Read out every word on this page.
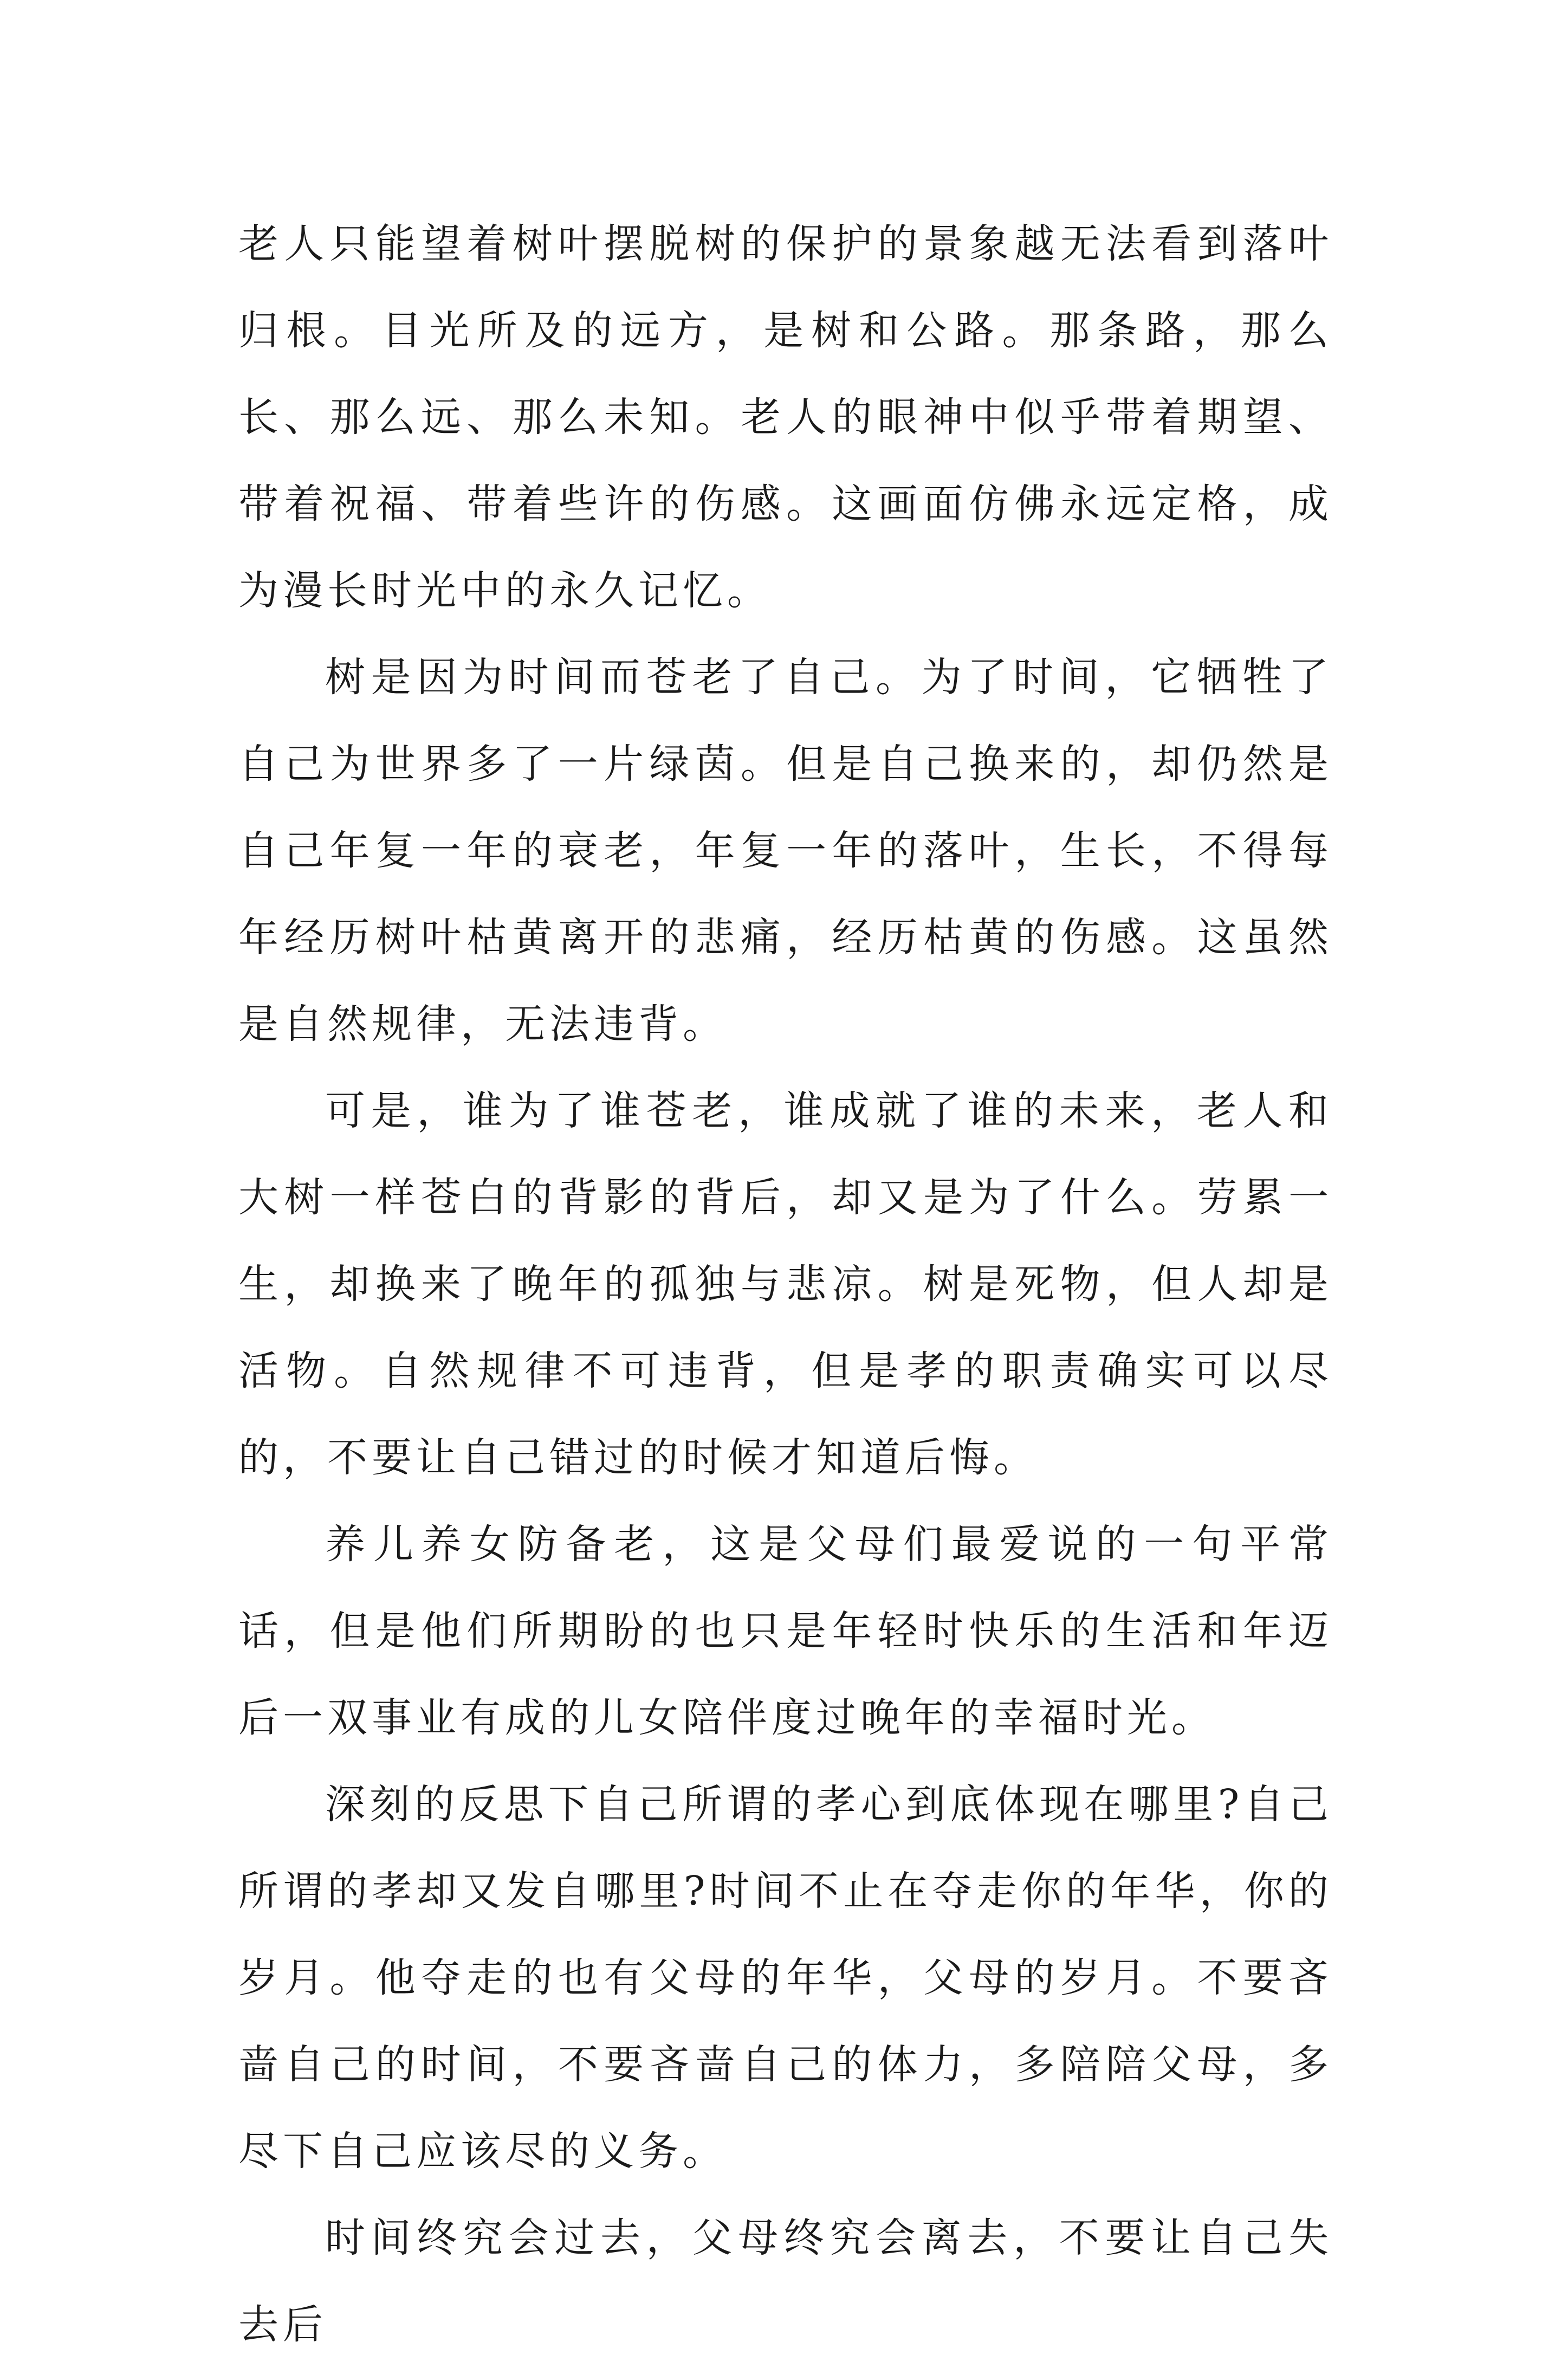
老人只能望着树叶摆脱树的保护的景象越无法看到落叶归根。目光所及的远方，是树和公路。那条路，那么长、那么远、那么未知。老人的眼神中似乎带着期望、带着祝福、带着些许的伤感。这画面仿佛永远定格，成为漫长时光中的永久记忆。

树是因为时间而苍老了自己。为了时间，它牺牲了自己为世界多了一片绿茵。但是自己换来的，却仍然是自己年复一年的衰老，年复一年的落叶，生长，不得每年经历树叶枯黄离开的悲痛，经历枯黄的伤感。这虽然是自然规律，无法违背。

可是，谁为了谁苍老，谁成就了谁的未来，老人和大树一样苍白的背影的背后，却又是为了什么。劳累一生，却换来了晚年的孤独与悲凉。树是死物，但人却是活物。自然规律不可违背，但是孝的职责确实可以尽的，不要让自己错过的时候才知道后悔。

养儿养女防备老，这是父母们最爱说的一句平常话，但是他们所期盼的也只是年轻时快乐的生活和年迈后一双事业有成的儿女陪伴度过晚年的幸福时光。

深刻的反思下自己所谓的孝心到底体现在哪里?自己所谓的孝却又发自哪里?时间不止在夺走你的年华，你的岁月。他夺走的也有父母的年华，父母的岁月。不要吝啬自己的时间，不要吝啬自己的体力，多陪陪父母，多尽下自己应该尽的义务。

时间终究会过去，父母终究会离去，不要让自己失去后
